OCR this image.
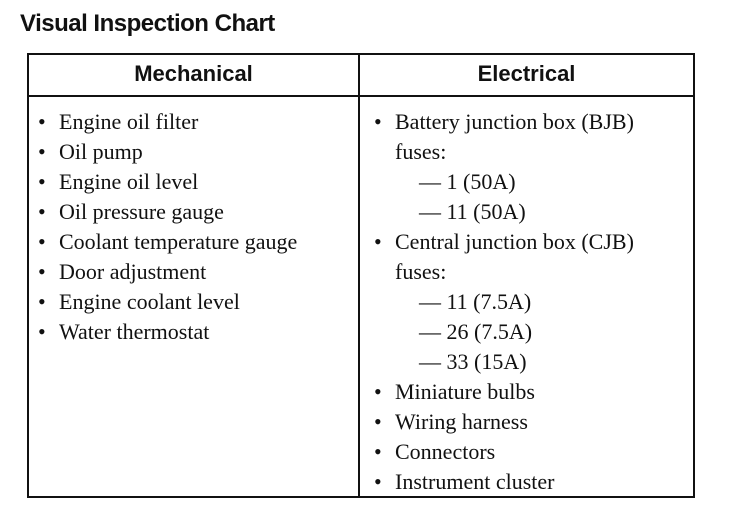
Visual Inspection Chart
Mechanical	Electrical
• Engine oil filter
• Oil pump
• Engine oil level
• Oil pressure gauge
• Coolant temperature gauge
• Door adjustment
• Engine coolant level
• Water thermostat
• Battery junction box (BJB) fuses:
— 1 (50A)
— 11 (50A)
• Central junction box (CJB) fuses:
— 11 (7.5A)
— 26 (7.5A)
— 33 (15A)
• Miniature bulbs
• Wiring harness
• Connectors
• Instrument cluster
